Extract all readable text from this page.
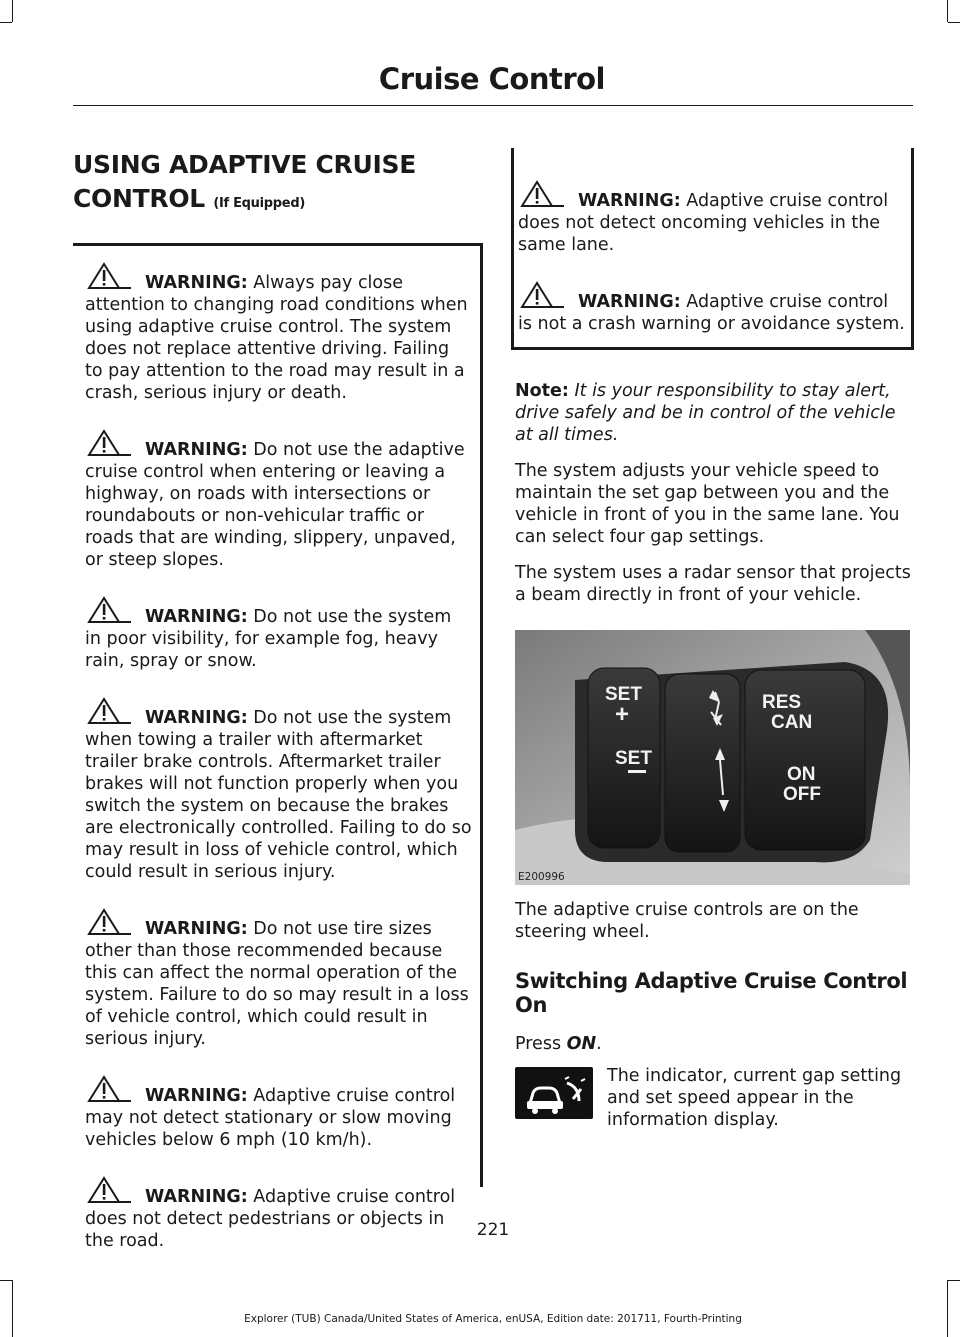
Cruise Control
USING ADAPTIVE CRUISE CONTROL (If Equipped)

WARNING: Always pay close attention to changing road conditions when using adaptive cruise control. The system does not replace attentive driving. Failing to pay attention to the road may result in a crash, serious injury or death.

WARNING: Do not use the adaptive cruise control when entering or leaving a highway, on roads with intersections or roundabouts or non-vehicular traffic or roads that are winding, slippery, unpaved, or steep slopes.

WARNING: Do not use the system in poor visibility, for example fog, heavy rain, spray or snow.

WARNING: Do not use the system when towing a trailer with aftermarket trailer brake controls. Aftermarket trailer brakes will not function properly when you switch the system on because the brakes are electronically controlled. Failing to do so may result in loss of vehicle control, which could result in serious injury.

WARNING: Do not use tire sizes other than those recommended because this can affect the normal operation of the system. Failure to do so may result in a loss of vehicle control, which could result in serious injury.

WARNING: Adaptive cruise control may not detect stationary or slow moving vehicles below 6 mph (10 km/h).

WARNING: Adaptive cruise control does not detect pedestrians or objects in the road.

WARNING: Adaptive cruise control does not detect oncoming vehicles in the same lane.

WARNING: Adaptive cruise control is not a crash warning or avoidance system.

Note: It is your responsibility to stay alert, drive safely and be in control of the vehicle at all times.

The system adjusts your vehicle speed to maintain the set gap between you and the vehicle in front of you in the same lane. You can select four gap settings.

The system uses a radar sensor that projects a beam directly in front of your vehicle.

SET
+
SET
RES
CAN
ON
OFF
E200996

The adaptive cruise controls are on the steering wheel.

Switching Adaptive Cruise Control On

Press ON.

The indicator, current gap setting and set speed appear in the information display.
221
Explorer (TUB) Canada/United States of America, enUSA, Edition date: 201711, Fourth-Printing
